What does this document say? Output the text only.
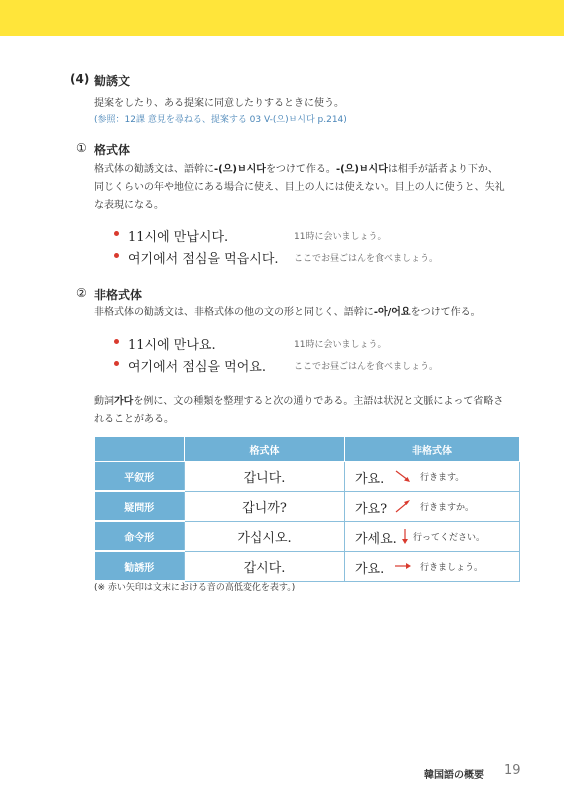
(4) 勧誘文
提案をしたり、ある提案に同意したりするときに使う。
(参照：12課 意見を尋ねる、提案する 03 V-(으)ㅂ시다 p.214)
① 格式体
格式体の勧誘文は、語幹に-(으)ㅂ시다をつけて作る。-(으)ㅂ시다は相手が話者より下か、
同じくらいの年や地位にある場合に使え、目上の人には使えない。目上の人に使うと、失礼
な表現になる。
11시에 만납시다.	11時に会いましょう。
여기에서 점심을 먹읍시다. ここでお昼ごはんを食べましょう。
② 非格式体
非格式体の勧誘文は、非格式体の他の文の形と同じく、語幹に-아/어요をつけて作る。
11시에 만나요.	11時に会いましょう。
여기에서 점심을 먹어요.	ここでお昼ごはんを食べましょう。
動詞가다を例に、文の種類を整理すると次の通りである。主語は状況と文脈によって省略さ
れることがある。
	格式体	非格式体
平叙形	갑니다.	가요. 行きます。

疑問形	갑니까?	가요? 行きますか。

命令形	가십시오.	가세요. 行ってください。

勧誘形	갑시다.	가요. 行きましょう。
(※ 赤い矢印は文末における音の高低変化を表す。)
韓国語の概要 19
